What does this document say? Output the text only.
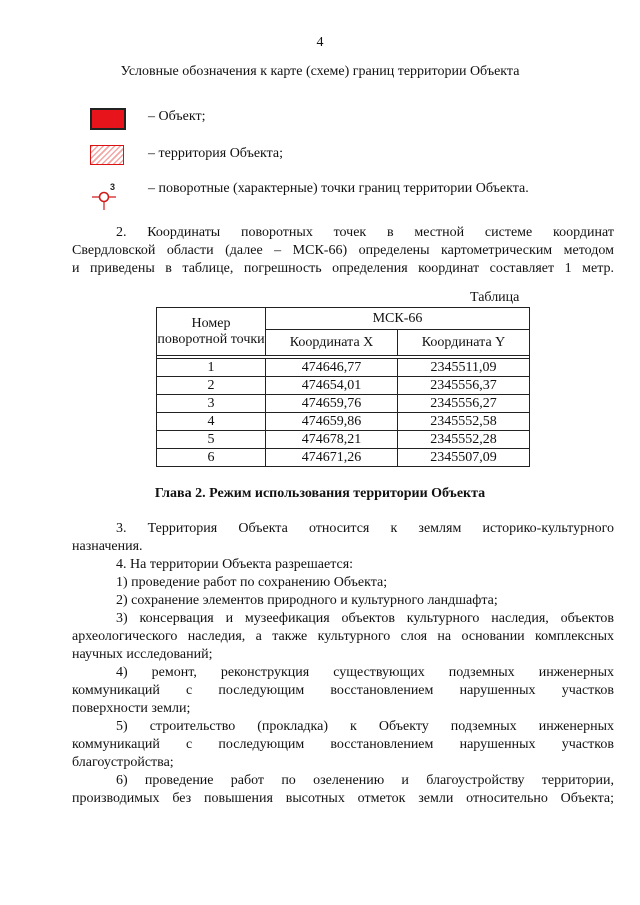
4
Условные обозначения к карте (схеме) границ территории Объекта
– Объект;
– территория Объекта;
3 – поворотные (характерные) точки границ территории Объекта.
2. Координаты поворотных точек в местной системе координат
Свердловской области (далее – МСК-66) определены картометрическим методом
и приведены в таблице, погрешность определения координат составляет 1 метр.
Таблица
Номер поворотной точки	МСК-66	
	Координата X	Координата Y

1	474646,77	2345511,09
2	474654,01	2345556,37
3	474659,76	2345556,27
4	474659,86	2345552,58
5	474678,21	2345552,28
6	474671,26	2345507,09
Глава 2. Режим использования территории Объекта
3. Территория Объекта относится к землям историко-культурного
назначения.
4. На территории Объекта разрешается:
1) проведение работ по сохранению Объекта;
2) сохранение элементов природного и культурного ландшафта;
3) консервация и музеефикация объектов культурного наследия, объектов
археологического наследия, а также культурного слоя на основании комплексных
научных исследований;
4) ремонт, реконструкция существующих подземных инженерных
коммуникаций с последующим восстановлением нарушенных участков
поверхности земли;
5) строительство (прокладка) к Объекту подземных инженерных
коммуникаций с последующим восстановлением нарушенных участков
благоустройства;
6) проведение работ по озеленению и благоустройству территории,
производимых без повышения высотных отметок земли относительно Объекта;
